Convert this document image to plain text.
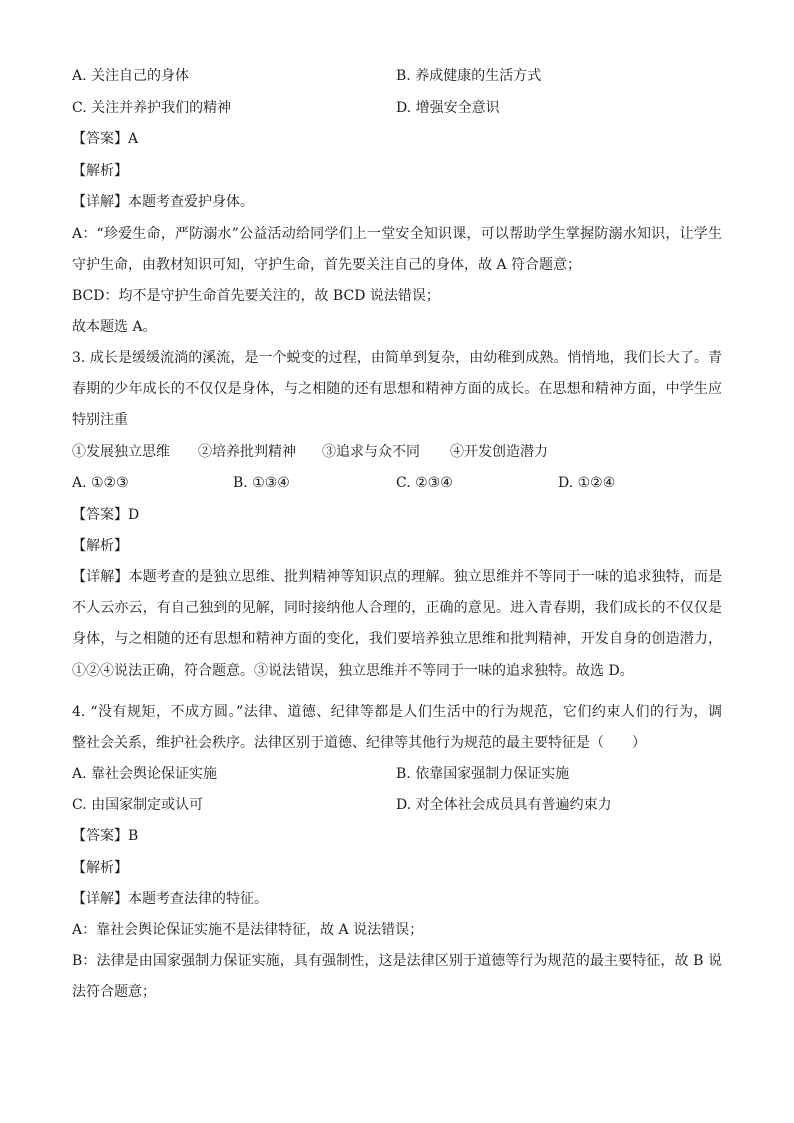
A. 关注自己的身体	B. 养成健康的生活方式
C. 关注并养护我们的精神	D. 增强安全意识
【答案】A
【解析】
【详解】本题考查爱护身体。
A：“珍爱生命，严防溺水”公益活动给同学们上一堂安全知识课，可以帮助学生掌握防溺水知识，让学生
守护生命，由教材知识可知，守护生命，首先要关注自己的身体，故 A 符合题意；
BCD：均不是守护生命首先要关注的，故 BCD 说法错误；
故本题选 A。
3. 成长是缓缓流淌的溪流，是一个蜕变的过程，由简单到复杂，由幼稚到成熟。悄悄地，我们长大了。青
春期的少年成长的不仅仅是身体，与之相随的还有思想和精神方面的成长。在思想和精神方面，中学生应
特别注重
①发展独立思维 ②培养批判精神 ③追求与众不同 ④开发创造潜力
A. ①②③	B. ①③④	C. ②③④	D. ①②④
【答案】D
【解析】
【详解】本题考查的是独立思维、批判精神等知识点的理解。独立思维并不等同于一味的追求独特，而是
不人云亦云，有自己独到的见解，同时接纳他人合理的，正确的意见。进入青春期，我们成长的不仅仅是
身体，与之相随的还有思想和精神方面的变化，我们要培养独立思维和批判精神，开发自身的创造潜力，
①②④说法正确，符合题意。③说法错误，独立思维并不等同于一味的追求独特。故选 D。
4. “没有规矩，不成方圆。”法律、道德、纪律等都是人们生活中的行为规范，它们约束人们的行为，调
整社会关系，维护社会秩序。法律区别于道德、纪律等其他行为规范的最主要特征是（　　）
A. 靠社会舆论保证实施	B. 依靠国家强制力保证实施
C. 由国家制定或认可	D. 对全体社会成员具有普遍约束力
【答案】B
【解析】
【详解】本题考查法律的特征。
A：靠社会舆论保证实施不是法律特征，故 A 说法错误；
B：法律是由国家强制力保证实施，具有强制性，这是法律区别于道德等行为规范的最主要特征，故 B 说
法符合题意；
